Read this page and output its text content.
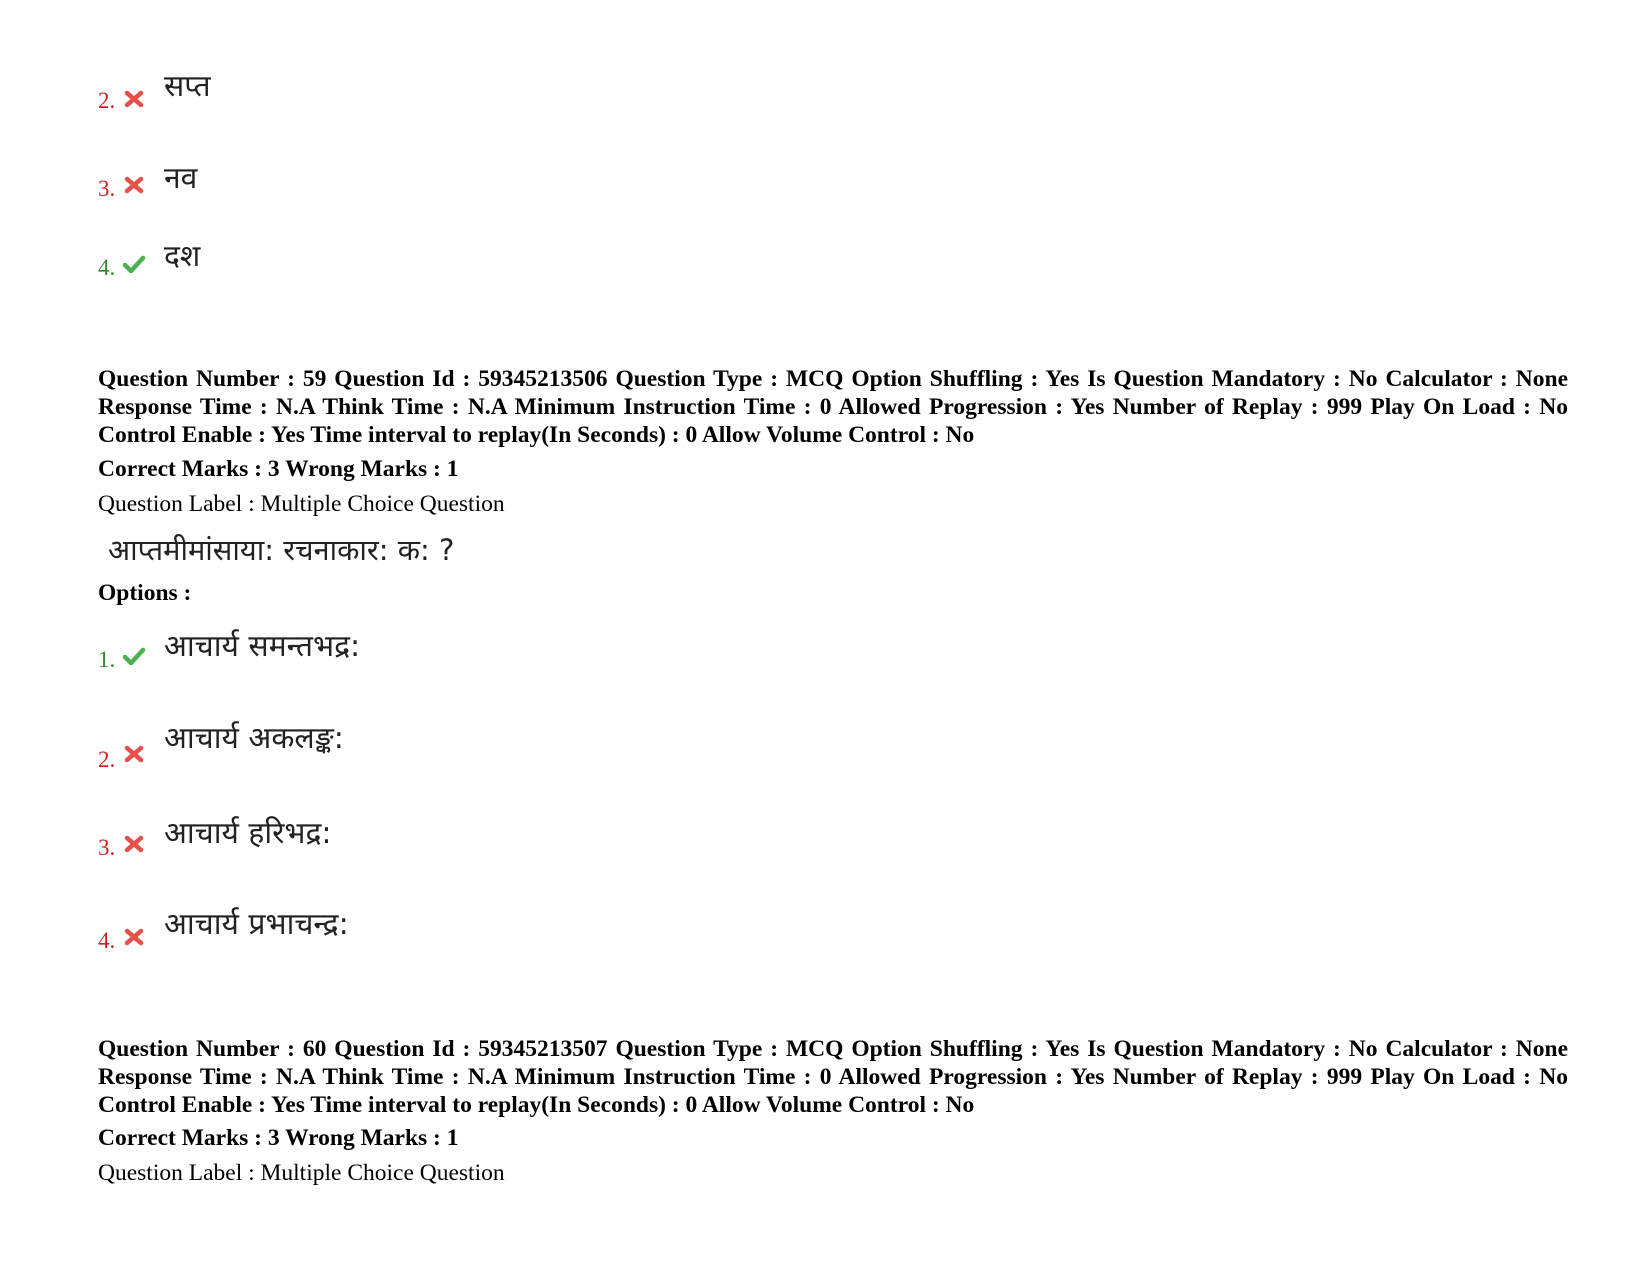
2. सप्त
3. नव
4. दश
Question Number : 59 Question Id : 59345213506 Question Type : MCQ Option Shuffling : Yes Is Question Mandatory : No Calculator : None Response Time : N.A Think Time : N.A Minimum Instruction Time : 0 Allowed Progression : Yes Number of Replay : 999 Play On Load : No Control Enable : Yes Time interval to replay(In Seconds) : 0 Allow Volume Control : No
Correct Marks : 3 Wrong Marks : 1
Question Label : Multiple Choice Question
आप्तमीमांसाया: रचनाकार: क: ?
Options :
1. आचार्य समन्तभद्र:
2.
आचार्य अकलङ्क:
3. आचार्य हरिभद्र:
4. आचार्य प्रभाचन्द्र:
Question Number : 60 Question Id : 59345213507 Question Type : MCQ Option Shuffling : Yes Is Question Mandatory : No Calculator : None Response Time : N.A Think Time : N.A Minimum Instruction Time : 0 Allowed Progression : Yes Number of Replay : 999 Play On Load : No Control Enable : Yes Time interval to replay(In Seconds) : 0 Allow Volume Control : No
Correct Marks : 3 Wrong Marks : 1
Question Label : Multiple Choice Question
